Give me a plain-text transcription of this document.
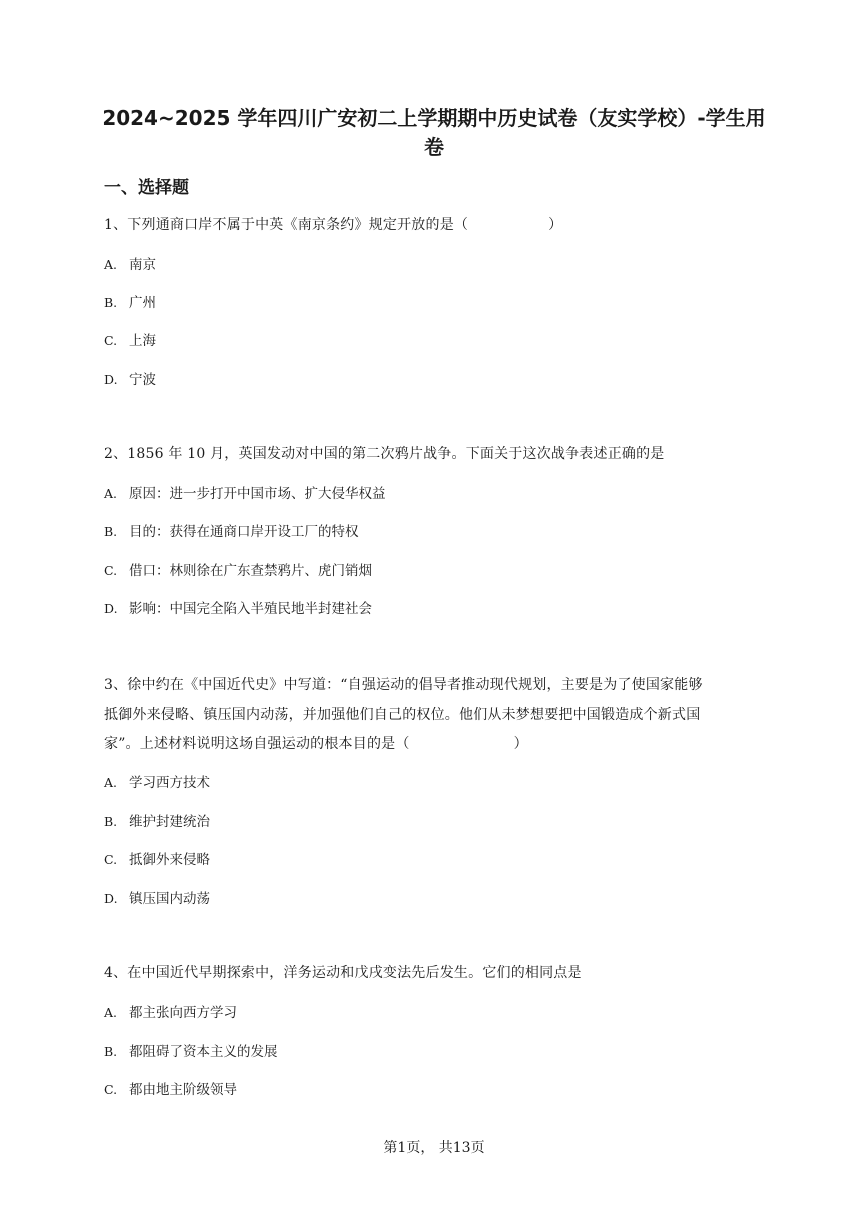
2024~2025 学年四川广安初二上学期期中历史试卷（友实学校）-学生用卷
一、选择题

1、下列通商口岸不属于中英《南京条约》规定开放的是（	）

A. 南京

B. 广州

C. 上海

D. 宁波

2、1856 年 10 月，英国发动对中国的第二次鸦片战争。下面关于这次战争表述正确的是

A. 原因：进一步打开中国市场、扩大侵华权益

B. 目的：获得在通商口岸开设工厂的特权

C. 借口：林则徐在广东查禁鸦片、虎门销烟

D. 影响：中国完全陷入半殖民地半封建社会

3、徐中约在《中国近代史》中写道：“自强运动的倡导者推动现代规划，主要是为了使国家能够

抵御外来侵略、镇压国内动荡，并加强他们自己的权位。他们从未梦想要把中国锻造成个新式国

家”。上述材料说明这场自强运动的根本目的是（	）

A. 学习西方技术

B. 维护封建统治

C. 抵御外来侵略

D. 镇压国内动荡

4、在中国近代早期探索中，洋务运动和戊戌变法先后发生。它们的相同点是

A. 都主张向西方学习

B. 都阻碍了资本主义的发展

C. 都由地主阶级领导

第1页， 共13页
